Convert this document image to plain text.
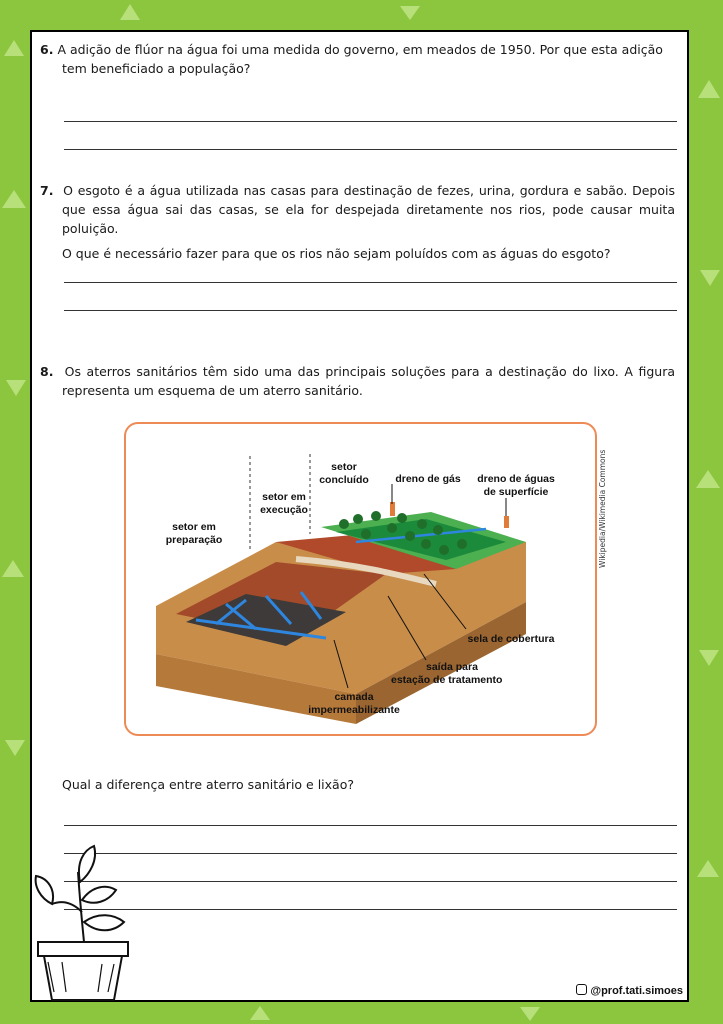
6. A adição de flúor na água foi uma medida do governo, em meados de 1950. Por que esta adição

tem beneficiado a população?

7. O esgoto é a água utilizada nas casas para destinação de fezes, urina, gordura e sabão. Depois que essa água sai das casas, se ela for despejada diretamente nos rios, pode causar muita poluição.

O que é necessário fazer para que os rios não sejam poluídos com as águas do esgoto?

8. Os aterros sanitários têm sido uma das principais soluções para a destinação do lixo. A figura representa um esquema de um aterro sanitário.

setor
concluído
setor em
execução
setor em
preparação
dreno de gás dreno de águas
de superfície
sela de cobertura
saída para
estação de tratamento
camada
impermeabilizante
Wikipedia/Wikimedia Commons

Qual a diferença entre aterro sanitário e lixão?

@prof.tati.simoes
